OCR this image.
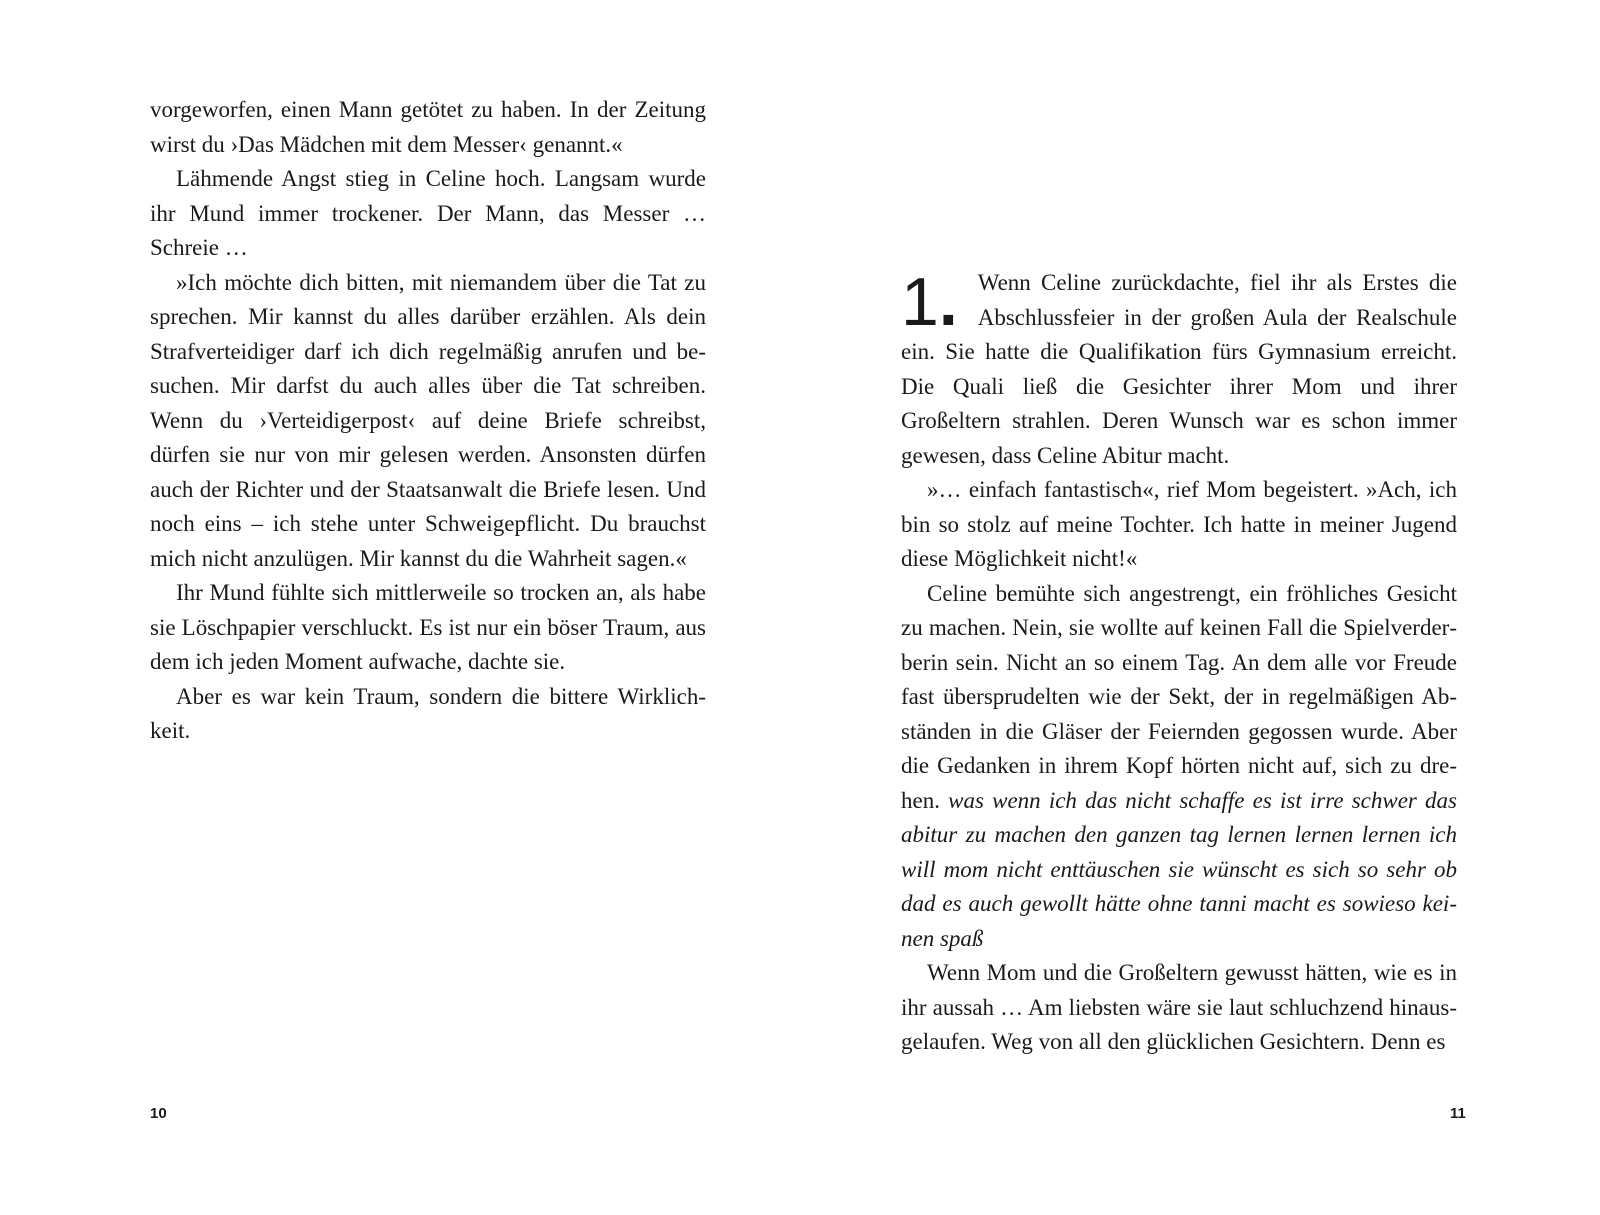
vorgeworfen, einen Mann getötet zu haben. In der Zeitung wirst du ›Das Mädchen mit dem Messer‹ genannt.«

Lähmende Angst stieg in Celine hoch. Langsam wurde ihr Mund immer trockener. Der Mann, das Messer … Schreie …

»Ich möchte dich bitten, mit niemandem über die Tat zu sprechen. Mir kannst du alles darüber erzählen. Als dein Strafverteidiger darf ich dich regelmäßig anrufen und besuchen. Mir darfst du auch alles über die Tat schreiben. Wenn du ›Verteidigerpost‹ auf deine Briefe schreibst, dürfen sie nur von mir gelesen werden. Ansonsten dürfen auch der Richter und der Staatsanwalt die Briefe lesen. Und noch eins – ich stehe unter Schweigepflicht. Du brauchst mich nicht anzulügen. Mir kannst du die Wahrheit sagen.«

Ihr Mund fühlte sich mittlerweile so trocken an, als habe sie Löschpapier verschluckt. Es ist nur ein böser Traum, aus dem ich jeden Moment aufwache, dachte sie.

Aber es war kein Traum, sondern die bittere Wirklichkeit.

10
1. Wenn Celine zurückdachte, fiel ihr als Erstes die Abschlussfeier in der großen Aula der Realschule ein. Sie hatte die Qualifikation fürs Gymnasium erreicht. Die Quali ließ die Gesichter ihrer Mom und ihrer Großeltern strahlen. Deren Wunsch war es schon immer gewesen, dass Celine Abitur macht.

»… einfach fantastisch«, rief Mom begeistert. »Ach, ich bin so stolz auf meine Tochter. Ich hatte in meiner Jugend diese Möglichkeit nicht!«

Celine bemühte sich angestrengt, ein fröhliches Gesicht zu machen. Nein, sie wollte auf keinen Fall die Spielverderberin sein. Nicht an so einem Tag. An dem alle vor Freude fast übersprudelten wie der Sekt, der in regelmäßigen Abständen in die Gläser der Feiernden gegossen wurde. Aber die Gedanken in ihrem Kopf hörten nicht auf, sich zu drehen. was wenn ich das nicht schaffe es ist irre schwer das abitur zu machen den ganzen tag lernen lernen lernen ich will mom nicht enttäuschen sie wünscht es sich so sehr ob dad es auch gewollt hätte ohne tanni macht es sowieso keinen spaß

Wenn Mom und die Großeltern gewusst hätten, wie es in ihr aussah … Am liebsten wäre sie laut schluchzend hinausgelaufen. Weg von all den glücklichen Gesichtern. Denn es

11
